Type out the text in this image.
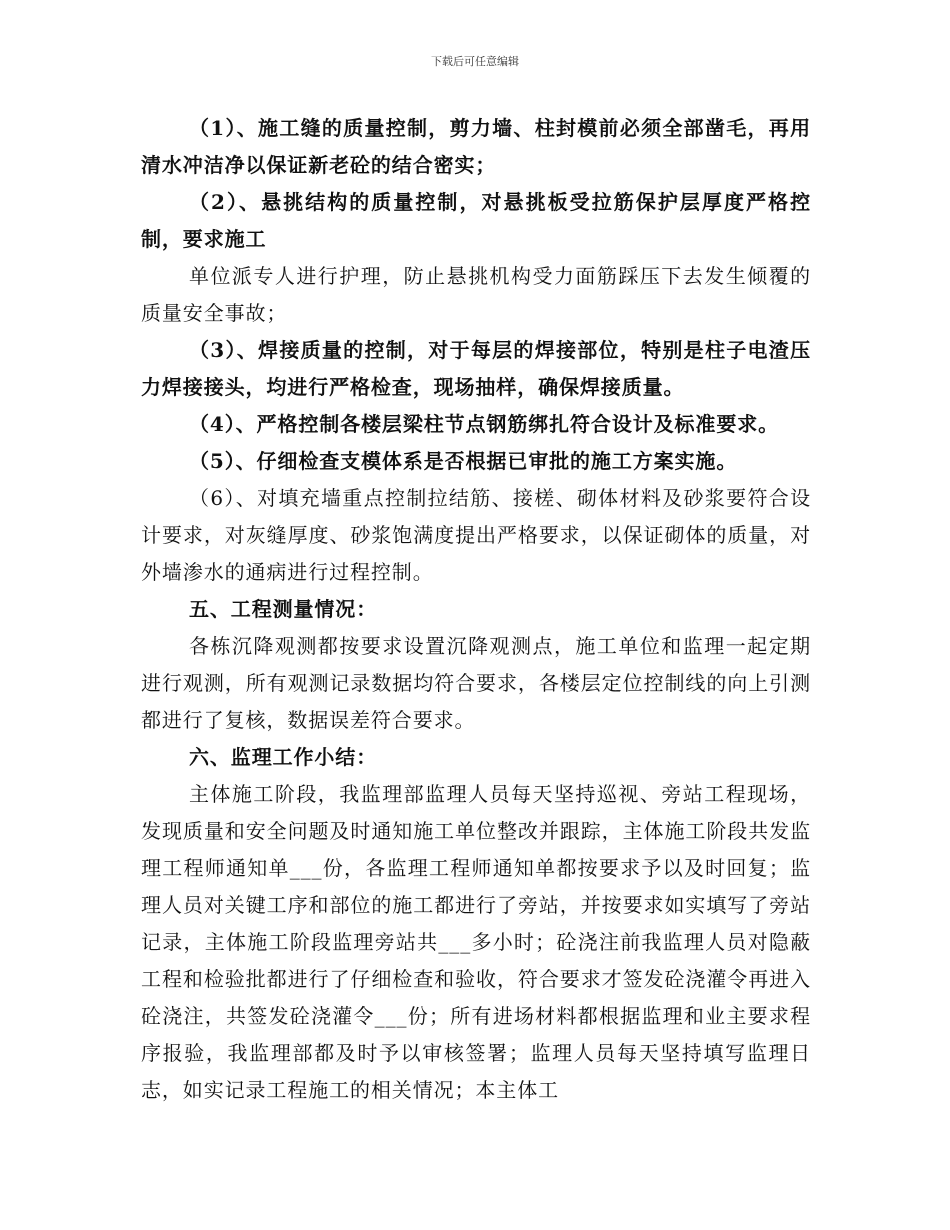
下载后可任意编辑

（1）、施工缝的质量控制，剪力墙、柱封模前必须全部凿毛，再用清水冲洁净以保证新老砼的结合密实；

（2）、悬挑结构的质量控制，对悬挑板受拉筋保护层厚度严格控制，要求施工

单位派专人进行护理，防止悬挑机构受力面筋踩压下去发生倾覆的质量安全事故；

（3）、焊接质量的控制，对于每层的焊接部位，特别是柱子电渣压力焊接接头，均进行严格检查，现场抽样，确保焊接质量。

（4）、严格控制各楼层梁柱节点钢筋绑扎符合设计及标准要求。

（5）、仔细检查支模体系是否根据已审批的施工方案实施。

（6）、对填充墙重点控制拉结筋、接槎、砌体材料及砂浆要符合设计要求，对灰缝厚度、砂浆饱满度提出严格要求，以保证砌体的质量，对外墙渗水的通病进行过程控制。

五、工程测量情况：

各栋沉降观测都按要求设置沉降观测点，施工单位和监理一起定期进行观测，所有观测记录数据均符合要求，各楼层定位控制线的向上引测都进行了复核，数据误差符合要求。

六、监理工作小结：

主体施工阶段，我监理部监理人员每天坚持巡视、旁站工程现场，发现质量和安全问题及时通知施工单位整改并跟踪，主体施工阶段共发监理工程师通知单___份，各监理工程师通知单都按要求予以及时回复；监理人员对关键工序和部位的施工都进行了旁站，并按要求如实填写了旁站记录，主体施工阶段监理旁站共___多小时；砼浇注前我监理人员对隐蔽工程和检验批都进行了仔细检查和验收，符合要求才签发砼浇灌令再进入砼浇注，共签发砼浇灌令___份；所有进场材料都根据监理和业主要求程序报验，我监理部都及时予以审核签署；监理人员每天坚持填写监理日志，如实记录工程施工的相关情况；本主体工
